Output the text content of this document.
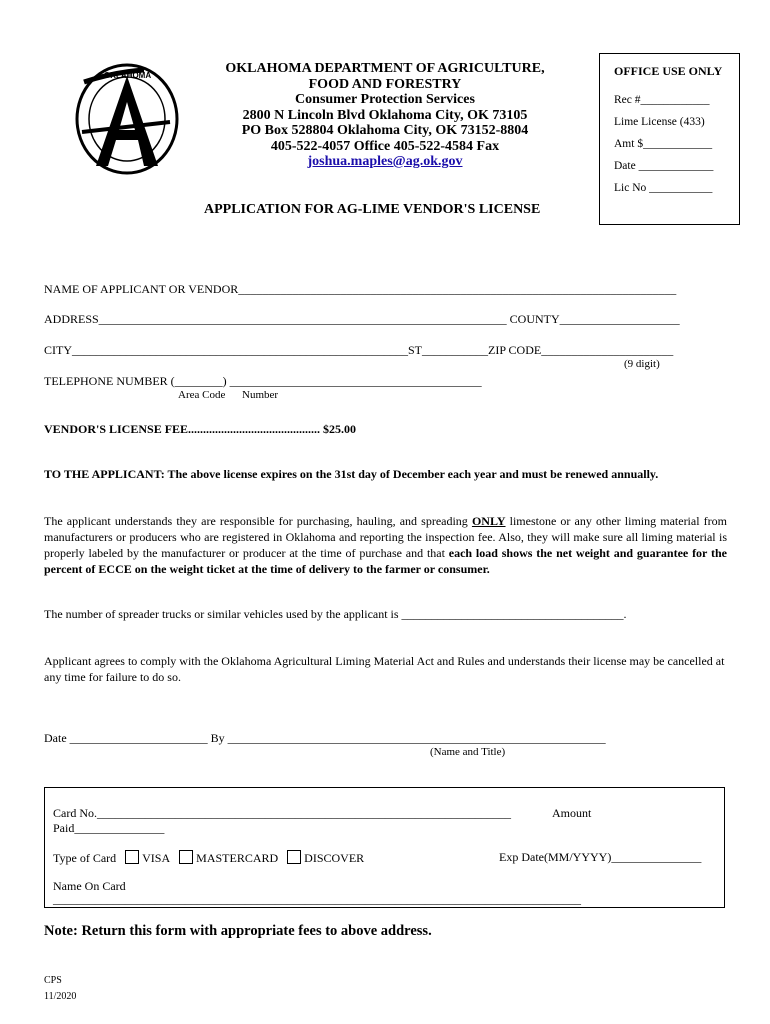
OKLAHOMA	OKLAHOMA DEPARTMENT OF AGRICULTURE,
FOOD AND FORESTRY
Consumer Protection Services
2800 N Lincoln Blvd Oklahoma City, OK 73105
PO Box 528804 Oklahoma City, OK 73152-8804
405-522-4057 Office 405-522-4584 Fax
joshua.maples@ag.ok.gov
OFFICE USE ONLY
Rec #____________
Lime License (433)
Amt $____________
Date _____________
Lic No ___________
APPLICATION FOR AG-LIME VENDOR'S LICENSE
NAME OF APPLICANT OR VENDOR_________________________________________________________________________
ADDRESS____________________________________________________________________ COUNTY____________________
CITY________________________________________________________ST___________ZIP CODE______________________
(9 digit)
TELEPHONE NUMBER (________) __________________________________________
Area Code Number
VENDOR'S LICENSE FEE............................................ $25.00
TO THE APPLICANT: The above license expires on the 31st day of December each year and must be renewed annually.
The applicant understands they are responsible for purchasing, hauling, and spreading ONLY limestone or any other liming material from manufacturers or producers who are registered in Oklahoma and reporting the inspection fee. Also, they will make sure all liming material is properly labeled by the manufacturer or producer at the time of purchase and that each load shows the net weight and guarantee for the percent of ECCE on the weight ticket at the time of delivery to the farmer or consumer.
The number of spreader trucks or similar vehicles used by the applicant is _____________________________________.
Applicant agrees to comply with the Oklahoma Agricultural Liming Material Act and Rules and understands their license may be cancelled at any time for failure to do so.
Date _______________________ By _______________________________________________________________
(Name and Title)
Card No._____________________________________________________________________	Amount
Paid_______________
Type of Card VISA MASTERCARD DISCOVER	Exp Date(MM/YYYY)_______________
Name On Card
________________________________________________________________________________________
Note: Return this form with appropriate fees to above address.
CPS
11/2020
